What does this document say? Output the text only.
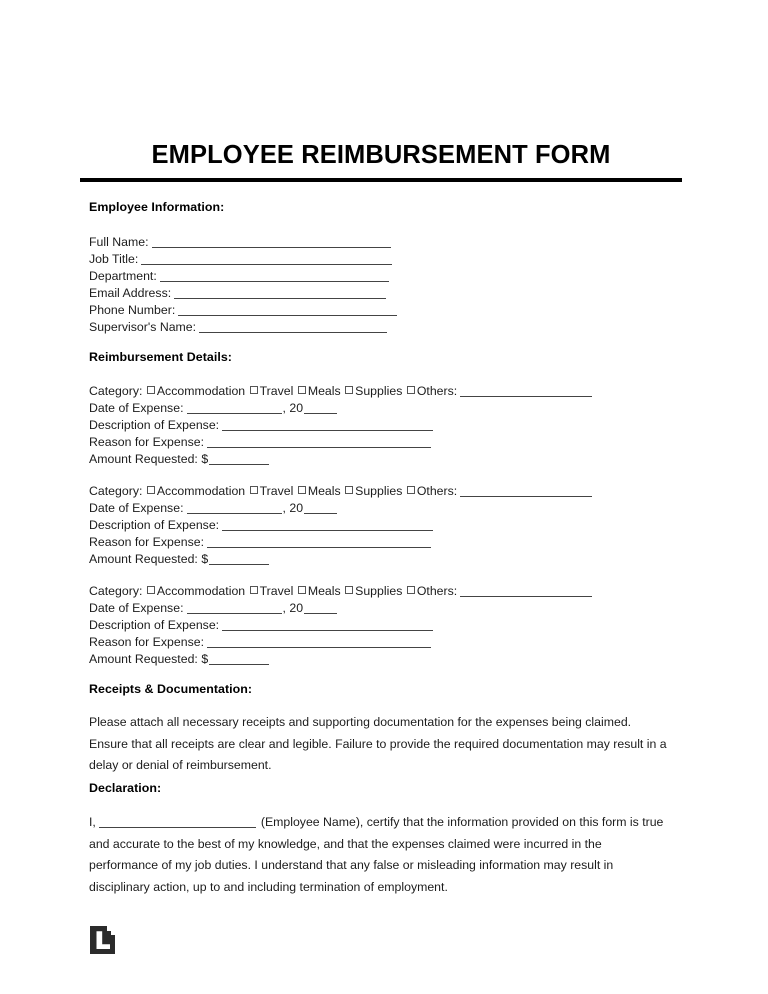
EMPLOYEE REIMBURSEMENT FORM
Employee Information:
Full Name:
Job Title:
Department:
Email Address:
Phone Number:
Supervisor's Name:
Reimbursement Details:
Category: Accommodation Travel Meals Supplies Others:
Date of Expense:	, 20
Description of Expense:
Reason for Expense:
Amount Requested: $
Category: Accommodation Travel Meals Supplies Others:
Date of Expense:	, 20
Description of Expense:
Reason for Expense:
Amount Requested: $
Category: Accommodation Travel Meals Supplies Others:
Date of Expense:	, 20
Description of Expense:
Reason for Expense:
Amount Requested: $
Receipts & Documentation:
Please attach all necessary receipts and supporting documentation for the expenses being claimed. Ensure that all receipts are clear and legible. Failure to provide the required documentation may result in a delay or denial of reimbursement.
Declaration:
I,	(Employee Name), certify that the information provided on this form is true and accurate to the best of my knowledge, and that the expenses claimed were incurred in the performance of my job duties. I understand that any false or misleading information may result in disciplinary action, up to and including termination of employment.
